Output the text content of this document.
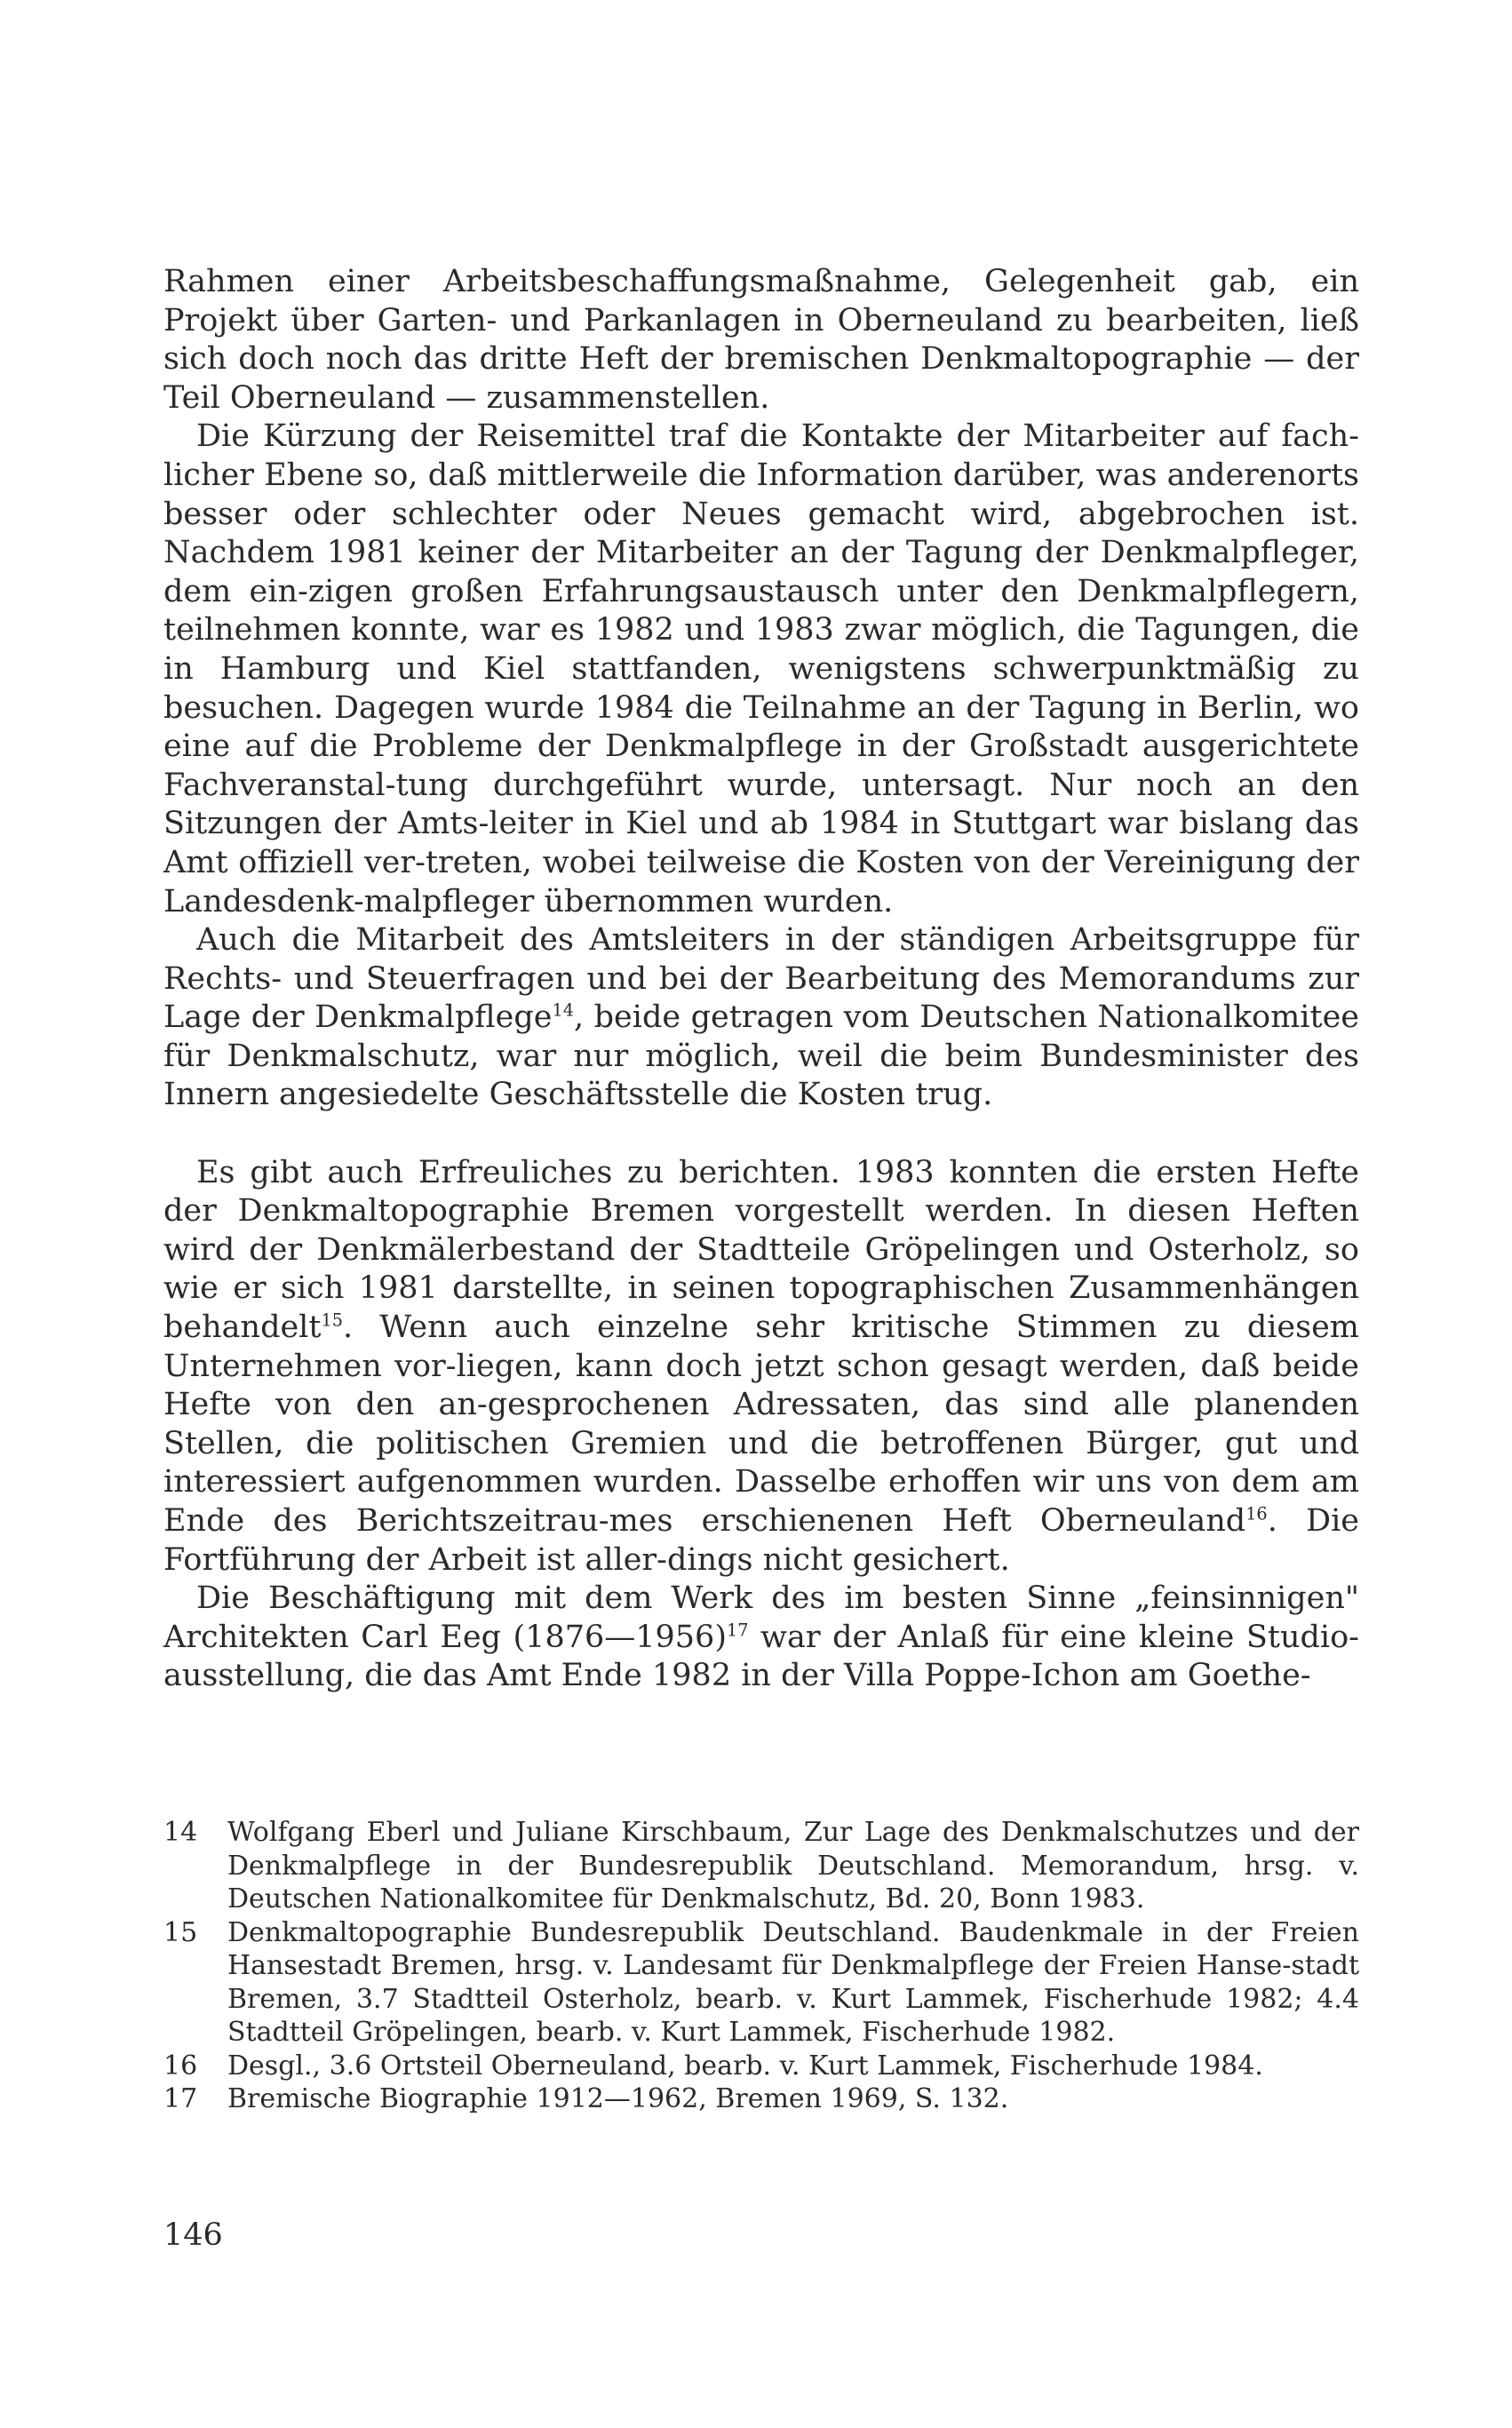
Rahmen einer Arbeitsbeschaffungsmaßnahme, Gelegenheit gab, ein Projekt über Garten- und Parkanlagen in Oberneuland zu bearbeiten, ließ sich doch noch das dritte Heft der bremischen Denkmaltopographie — der Teil Oberneuland — zusammenstellen.

Die Kürzung der Reisemittel traf die Kontakte der Mitarbeiter auf fach-licher Ebene so, daß mittlerweile die Information darüber, was anderenorts besser oder schlechter oder Neues gemacht wird, abgebrochen ist. Nachdem 1981 keiner der Mitarbeiter an der Tagung der Denkmalpfleger, dem ein-zigen großen Erfahrungsaustausch unter den Denkmalpflegern, teilnehmen konnte, war es 1982 und 1983 zwar möglich, die Tagungen, die in Hamburg und Kiel stattfanden, wenigstens schwerpunktmäßig zu besuchen. Dagegen wurde 1984 die Teilnahme an der Tagung in Berlin, wo eine auf die Probleme der Denkmalpflege in der Großstadt ausgerichtete Fachveranstal-tung durchgeführt wurde, untersagt. Nur noch an den Sitzungen der Amts-leiter in Kiel und ab 1984 in Stuttgart war bislang das Amt offiziell ver-treten, wobei teilweise die Kosten von der Vereinigung der Landesdenk-malpfleger übernommen wurden.

Auch die Mitarbeit des Amtsleiters in der ständigen Arbeitsgruppe für Rechts- und Steuerfragen und bei der Bearbeitung des Memorandums zur Lage der Denkmalpflege$^{14}$, beide getragen vom Deutschen Nationalkomitee für Denkmalschutz, war nur möglich, weil die beim Bundesminister des Innern angesiedelte Geschäftsstelle die Kosten trug.

Es gibt auch Erfreuliches zu berichten. 1983 konnten die ersten Hefte der Denkmaltopographie Bremen vorgestellt werden. In diesen Heften wird der Denkmälerbestand der Stadtteile Gröpelingen und Osterholz, so wie er sich 1981 darstellte, in seinen topographischen Zusammenhängen behandelt$^{15}$. Wenn auch einzelne sehr kritische Stimmen zu diesem Unternehmen vor-liegen, kann doch jetzt schon gesagt werden, daß beide Hefte von den an-gesprochenen Adressaten, das sind alle planenden Stellen, die politischen Gremien und die betroffenen Bürger, gut und interessiert aufgenommen wurden. Dasselbe erhoffen wir uns von dem am Ende des Berichtszeitrau-mes erschienenen Heft Oberneuland$^{16}$. Die Fortführung der Arbeit ist aller-dings nicht gesichert.

Die Beschäftigung mit dem Werk des im besten Sinne „feinsinnigen" Architekten Carl Eeg (1876—1956)$^{17}$ war der Anlaß für eine kleine Studio-ausstellung, die das Amt Ende 1982 in der Villa Poppe-Ichon am Goethe-

14	Wolfgang Eberl und Juliane Kirschbaum, Zur Lage des Denkmalschutzes und der Denkmalpflege in der Bundesrepublik Deutschland. Memorandum, hrsg. v. Deutschen Nationalkomitee für Denkmalschutz, Bd. 20, Bonn 1983.
15	Denkmaltopographie Bundesrepublik Deutschland. Baudenkmale in der Freien Hansestadt Bremen, hrsg. v. Landesamt für Denkmalpflege der Freien Hanse-stadt Bremen, 3.7 Stadtteil Osterholz, bearb. v. Kurt Lammek, Fischerhude 1982; 4.4 Stadtteil Gröpelingen, bearb. v. Kurt Lammek, Fischerhude 1982.
16	Desgl., 3.6 Ortsteil Oberneuland, bearb. v. Kurt Lammek, Fischerhude 1984.
17	Bremische Biographie 1912—1962, Bremen 1969, S. 132.
146
